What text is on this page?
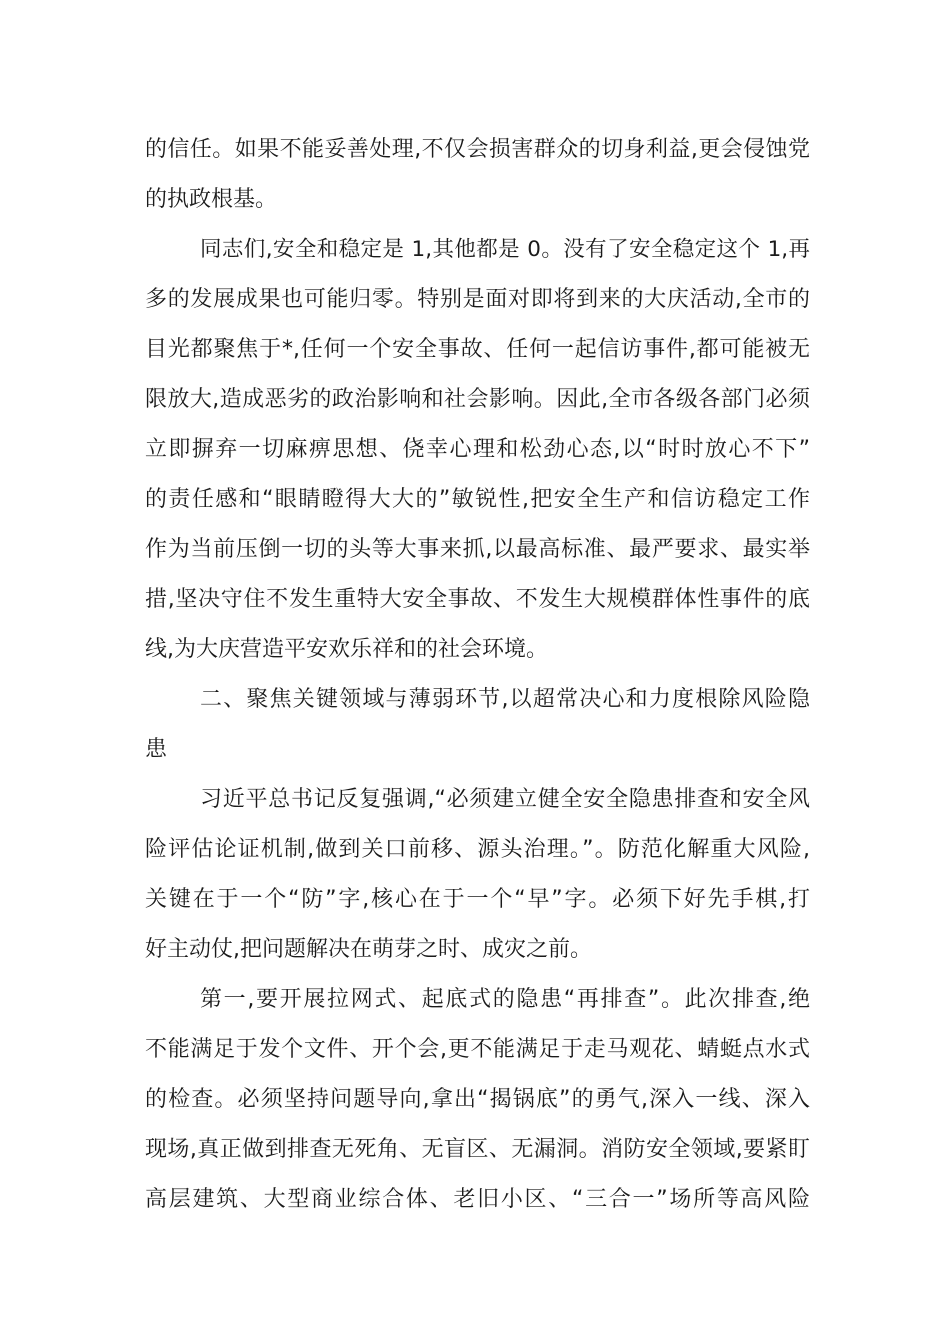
的信任。如果不能妥善处理,不仅会损害群众的切身利益,更会侵蚀党

的执政根基。

同志们,安全和稳定是 1,其他都是 0。没有了安全稳定这个 1,再

多的发展成果也可能归零。特别是面对即将到来的大庆活动,全市的

目光都聚焦于*,任何一个安全事故、任何一起信访事件,都可能被无

限放大,造成恶劣的政治影响和社会影响。因此,全市各级各部门必须

立即摒弃一切麻痹思想、侥幸心理和松劲心态,以“时时放心不下”

的责任感和“眼睛瞪得大大的”敏锐性,把安全生产和信访稳定工作

作为当前压倒一切的头等大事来抓,以最高标准、最严要求、最实举

措,坚决守住不发生重特大安全事故、不发生大规模群体性事件的底

线,为大庆营造平安欢乐祥和的社会环境。

二、聚焦关键领域与薄弱环节,以超常决心和力度根除风险隐

患

习近平总书记反复强调,“必须建立健全安全隐患排查和安全风

险评估论证机制,做到关口前移、源头治理。”。防范化解重大风险,

关键在于一个“防”字,核心在于一个“早”字。必须下好先手棋,打

好主动仗,把问题解决在萌芽之时、成灾之前。

第一,要开展拉网式、起底式的隐患“再排查”。此次排查,绝

不能满足于发个文件、开个会,更不能满足于走马观花、蜻蜓点水式

的检查。必须坚持问题导向,拿出“揭锅底”的勇气,深入一线、深入

现场,真正做到排查无死角、无盲区、无漏洞。消防安全领域,要紧盯

高层建筑、大型商业综合体、老旧小区、“三合一”场所等高风险
